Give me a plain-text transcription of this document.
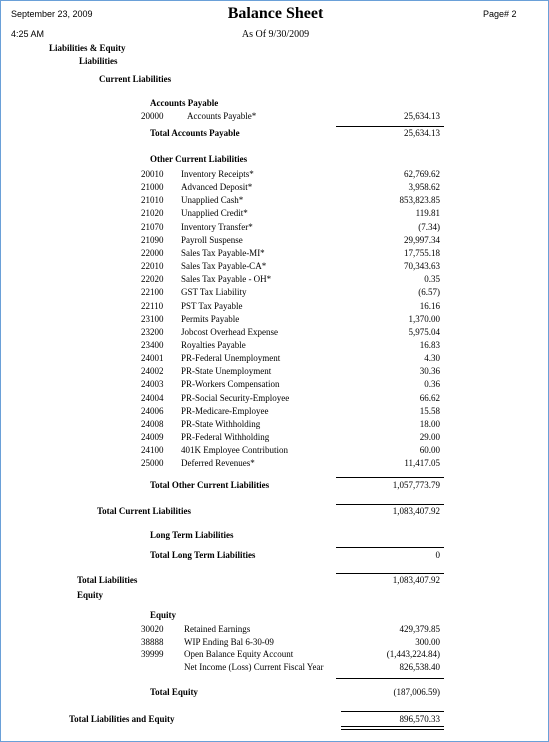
September 23, 2009
4:25 AM
Balance Sheet
As Of 9/30/2009
Page# 2
Liabilities & Equity
Liabilities
Current Liabilities
Accounts Payable
20000	Accounts Payable*	25,634.13
Total Accounts Payable	25,634.13
Other Current Liabilities
20010 Inventory Receipts*	62,769.62
21000 Advanced Deposit*	3,958.62
21010 Unapplied Cash*	853,823.85
21020 Unapplied Credit*	119.81
21070 Inventory Transfer*	(7.34)
21090 Payroll Suspense	29,997.34
22000 Sales Tax Payable-MI*	17,755.18
22010 Sales Tax Payable-CA*	70,343.63
22020 Sales Tax Payable - OH*	0.35
22100 GST Tax Liability	(6.57)
22110 PST Tax Payable	16.16
23100 Permits Payable	1,370.00
23200 Jobcost Overhead Expense	5,975.04
23400 Royalties Payable	16.83
24001 PR-Federal Unemployment	4.30
24002 PR-State Unemployment	30.36
24003 PR-Workers Compensation	0.36
24004 PR-Social Security-Employee	66.62
24006 PR-Medicare-Employee	15.58
24008 PR-State Withholding	18.00
24009 PR-Federal Withholding	29.00
24100 401K Employee Contribution	60.00
25000 Deferred Revenues*	11,417.05
Total Other Current Liabilities	1,057,773.79
Total Current Liabilities	1,083,407.92
Long Term Liabilities
Total Long Term Liabilities	0
Total Liabilities	1,083,407.92
Equity
Equity
30020 Retained Earnings	429,379.85
38888 WIP Ending Bal 6-30-09	300.00
39999 Open Balance Equity Account	(1,443,224.84)
Net Income (Loss) Current Fiscal Year	826,538.40
Total Equity	(187,006.59)
Total Liabilities and Equity	896,570.33
